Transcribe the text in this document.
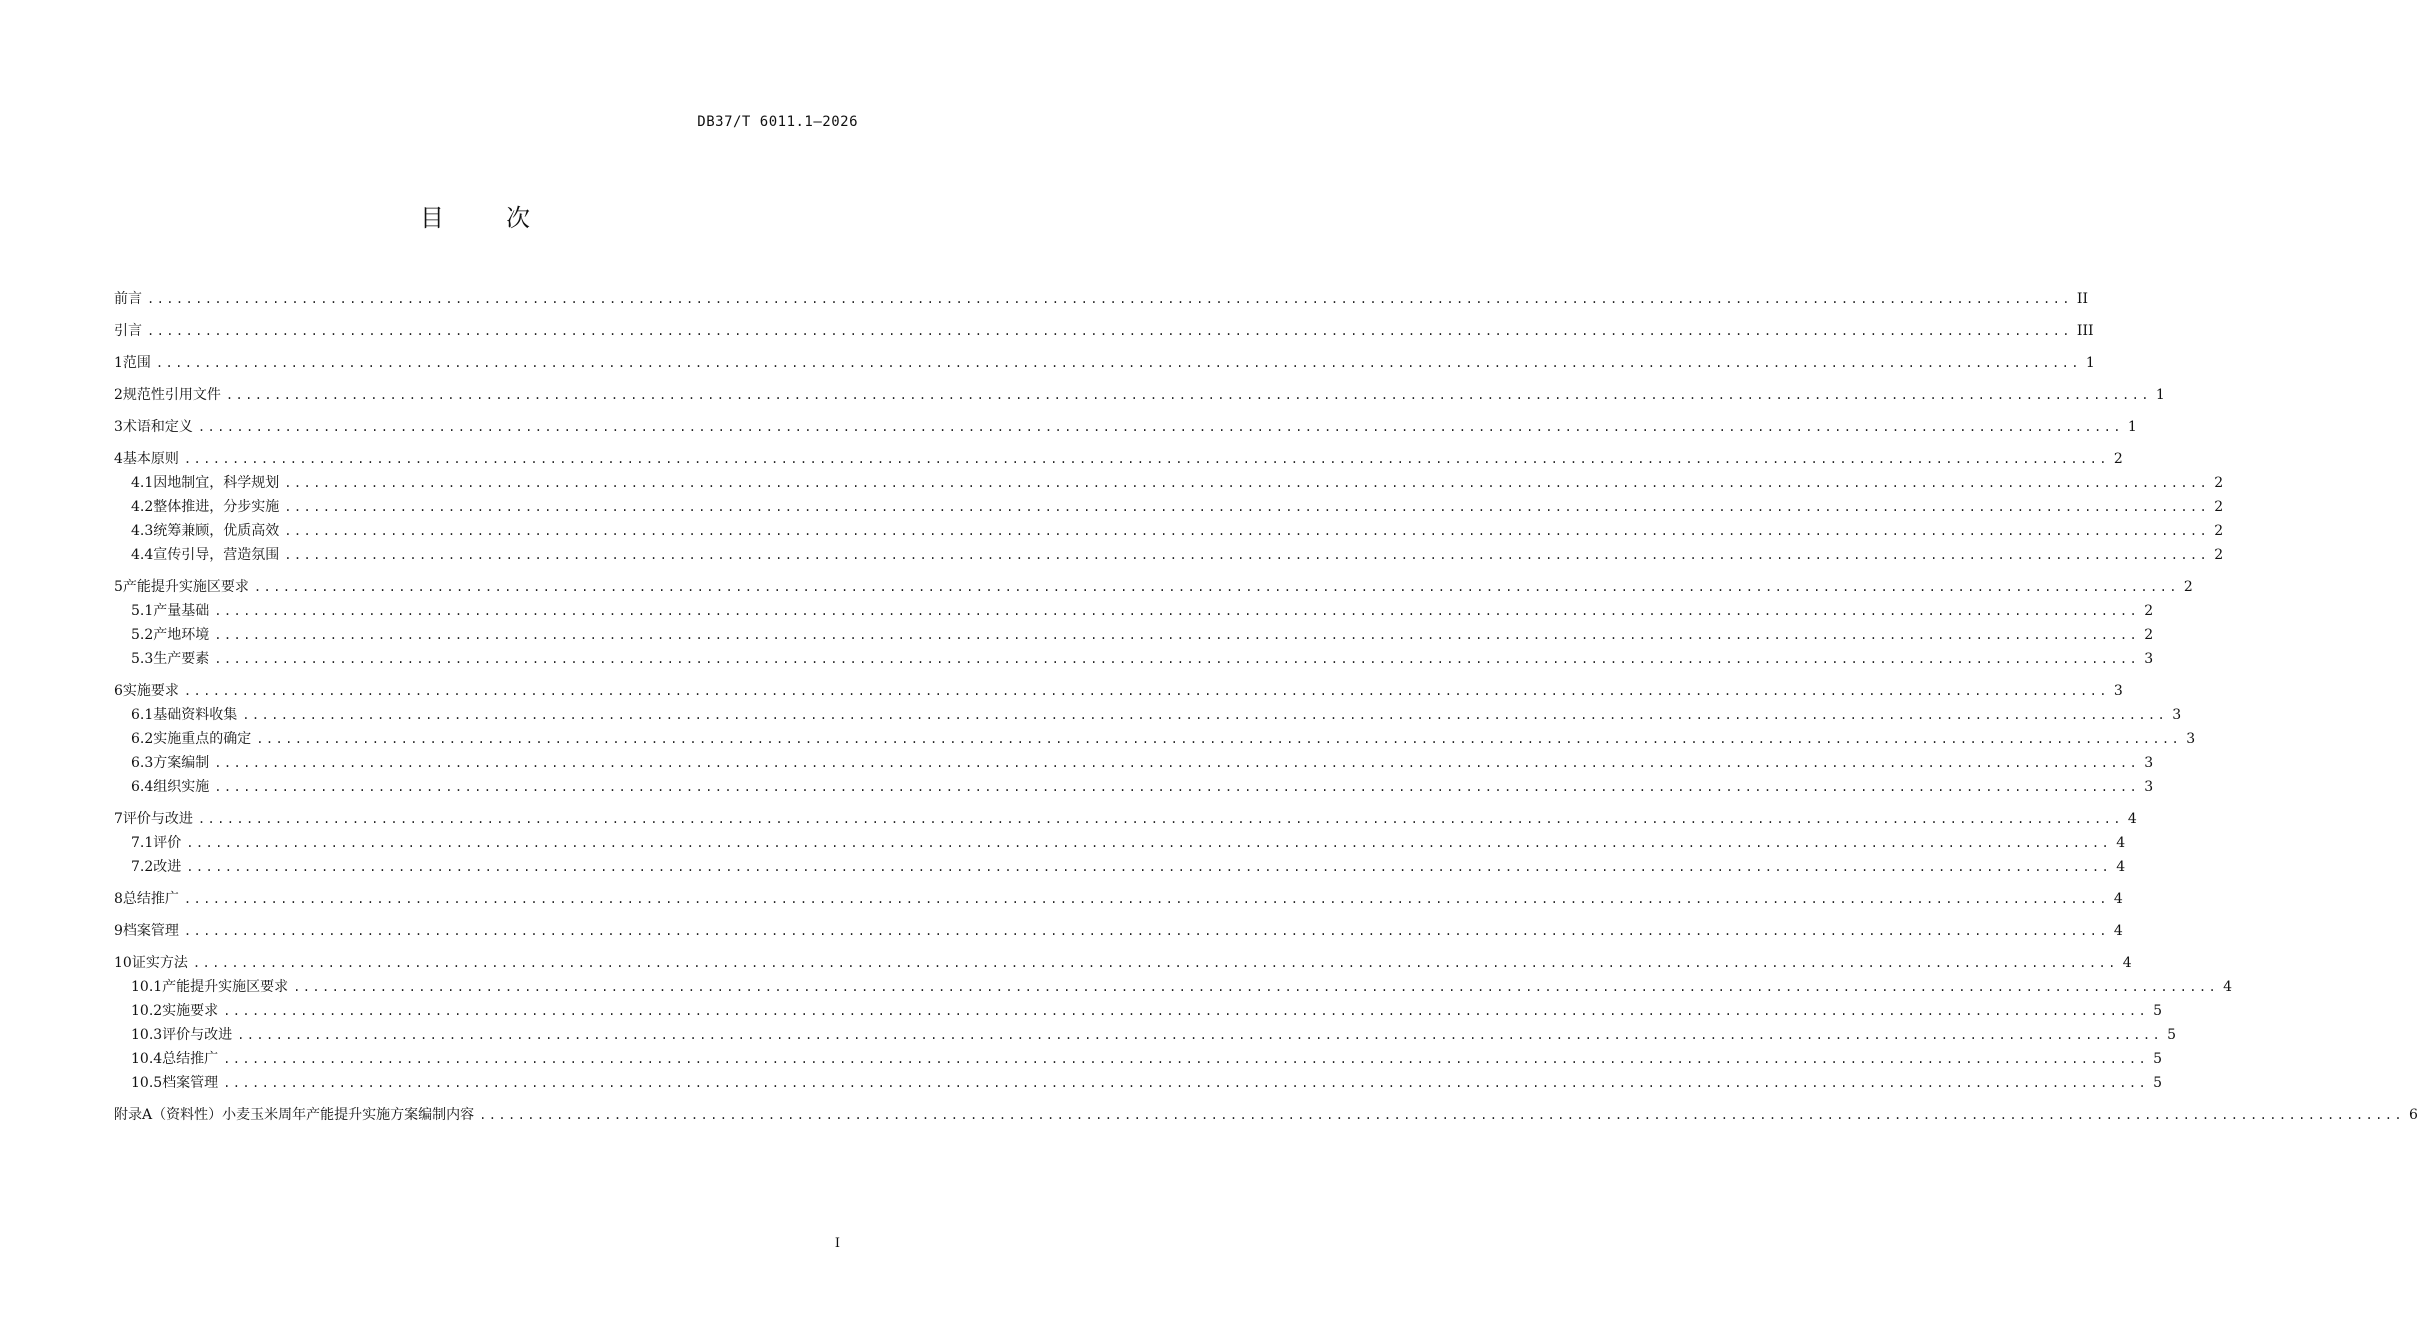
DB37/T 6011.1—2026
目	次
前言 ........................................................................................................................................................................................................ II
引言 ........................................................................................................................................................................................................ III
1 范围 ........................................................................................................................................................................................................ 1
2 规范性引用文件 ........................................................................................................................................................................................................ 1
3 术语和定义 ........................................................................................................................................................................................................ 1
4 基本原则 ........................................................................................................................................................................................................ 2
4.1 因地制宜，科学规划 ........................................................................................................................................................................................................ 2
4.2 整体推进，分步实施 ........................................................................................................................................................................................................ 2
4.3 统筹兼顾，优质高效 ........................................................................................................................................................................................................ 2
4.4 宣传引导，营造氛围 ........................................................................................................................................................................................................ 2
5 产能提升实施区要求 ........................................................................................................................................................................................................ 2
5.1 产量基础 ........................................................................................................................................................................................................ 2
5.2 产地环境 ........................................................................................................................................................................................................ 2
5.3 生产要素 ........................................................................................................................................................................................................ 3
6 实施要求 ........................................................................................................................................................................................................ 3
6.1 基础资料收集 ........................................................................................................................................................................................................ 3
6.2 实施重点的确定 ........................................................................................................................................................................................................ 3
6.3 方案编制 ........................................................................................................................................................................................................ 3
6.4 组织实施 ........................................................................................................................................................................................................ 3
7 评价与改进 ........................................................................................................................................................................................................ 4
7.1 评价 ........................................................................................................................................................................................................ 4
7.2 改进 ........................................................................................................................................................................................................ 4
8 总结推广 ........................................................................................................................................................................................................ 4
9 档案管理 ........................................................................................................................................................................................................ 4
10 证实方法 ........................................................................................................................................................................................................ 4
10.1 产能提升实施区要求 ........................................................................................................................................................................................................ 4
10.2 实施要求 ........................................................................................................................................................................................................ 5
10.3 评价与改进 ........................................................................................................................................................................................................ 5
10.4 总结推广 ........................................................................................................................................................................................................ 5
10.5 档案管理 ........................................................................................................................................................................................................ 5
附录A（资料性） 小麦玉米周年产能提升实施方案编制内容 ........................................................................................................................................................................................................ 6
I
